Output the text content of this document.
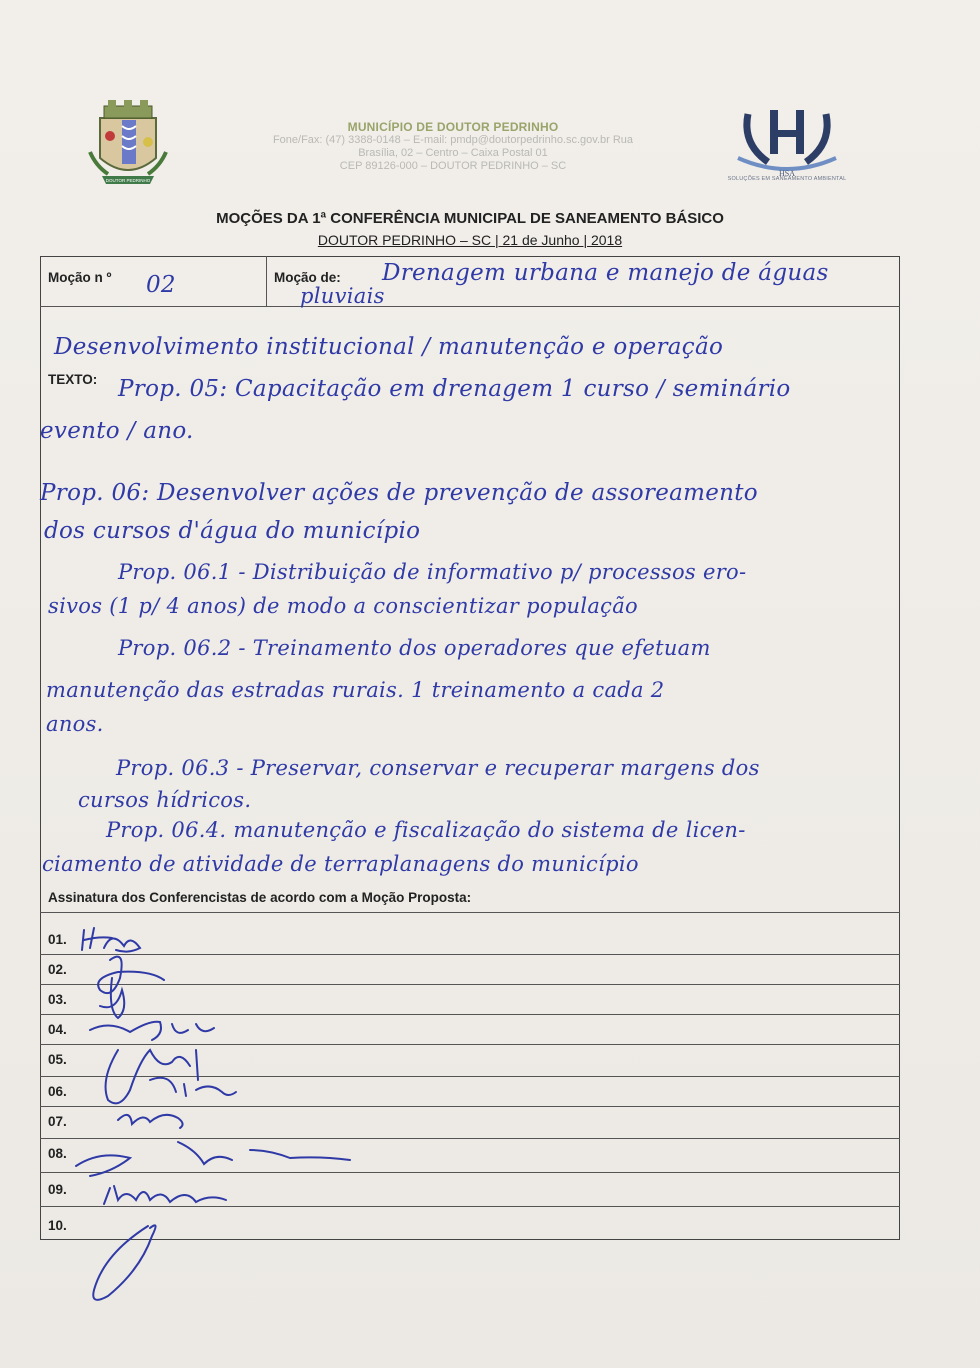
DOUTOR PEDRINHO
MUNICÍPIO DE DOUTOR PEDRINHO
Fone/Fax: (47) 3388-0148 – E-mail: pmdp@doutorpedrinho.sc.gov.br Rua
Brasília, 02 – Centro – Caixa Postal 01
CEP 89126-000 – DOUTOR PEDRINHO – SC
HSA
SOLUÇÕES EM SANEAMENTO AMBIENTAL
MOÇÕES DA 1ª CONFERÊNCIA MUNICIPAL DE SANEAMENTO BÁSICO
DOUTOR PEDRINHO – SC | 21 de Junho | 2018
Moção n º 02	Moção de: Drenagem urbana e manejo de águas
pluviais
Desenvolvimento institucional / manutenção e operação
TEXTO: Prop. 05: Capacitação em drenagem 1 curso / seminário
evento / ano.
Prop. 06: Desenvolver ações de prevenção de assoreamento
dos cursos d'água do município
Prop. 06.1 - Distribuição de informativo p/ processos ero-
sivos (1 p/ 4 anos) de modo a conscientizar população
Prop. 06.2 - Treinamento dos operadores que efetuam
manutenção das estradas rurais. 1 treinamento a cada 2
anos.
Prop. 06.3 - Preservar, conservar e recuperar margens dos
cursos hídricos.
Prop. 06.4. manutenção e fiscalização do sistema de licen-
ciamento de atividade de terraplanagens do município
Assinatura dos Conferencistas de acordo com a Moção Proposta:
01.
02.
03.
04.
05.
06.
07.
08.
09.
10.
